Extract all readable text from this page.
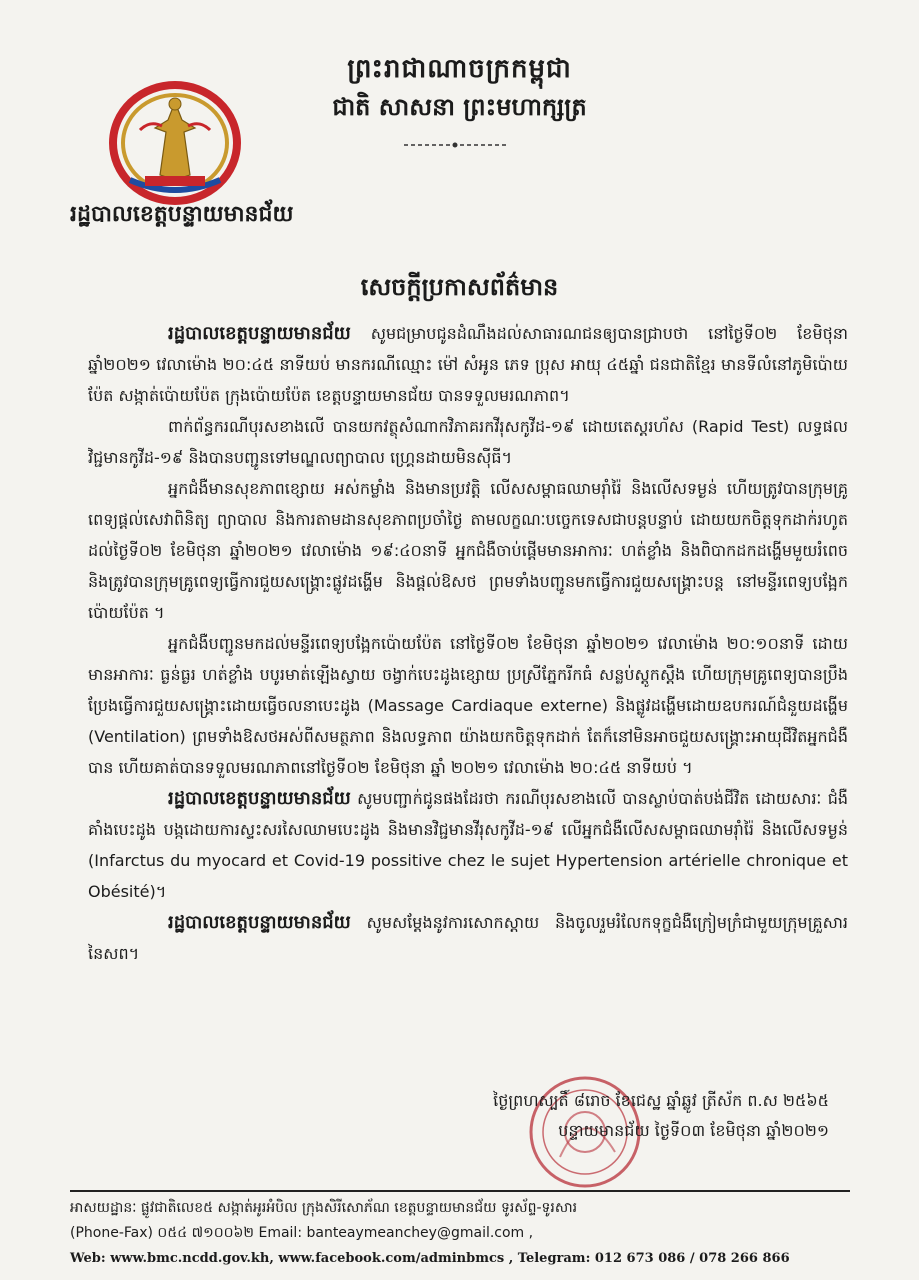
ព្រះរាជាណាចក្រកម្ពុជា
ជាតិ សាសនា ព្រះមហាក្សត្រ
រដ្ឋបាលខេត្តបន្ទាយមានជ័យ
សេចក្តីប្រកាសព័ត៌មាន

រដ្ឋបាលខេត្តបន្ទាយមានជ័យ សូមជម្រាបជូនដំណឹងដល់សាធារណជនឲ្យបានជ្រាបថា នៅថ្ងៃទី០២ ខែមិថុនា ឆ្នាំ២០២១ វេលាម៉ោង ២០:៤៥ នាទីយប់ មានករណីឈ្មោះ ម៉ៅ សំអូន ភេទ ប្រុស អាយុ ៤៥ឆ្នាំ ជនជាតិខ្មែរ មានទីលំនៅភូមិប៉ោយប៉ែត សង្កាត់ប៉ោយប៉ែត ក្រុងប៉ោយប៉ែត ខេត្តបន្ទាយមានជ័យ បានទទួលមរណភាព។

ពាក់ព័ន្ធករណីបុរសខាងលើ បានយកវត្ថុសំណាកវិភាគរកវីរុសកូវីដ-១៩ ដោយតេស្តរហ័ស (Rapid Test) លទ្ធផល វិជ្ជមានកូវីដ-១៩ និងបានបញ្ជូនទៅមណ្ឌលព្យាបាល ហ្គ្រេនដាយមិនស៊ីធី។

អ្នកជំងឺមានសុខភាពខ្សោយ អស់កម្លាំង និងមានប្រវត្តិ លើសសម្ពាធឈាមរ៉ាំរ៉ៃ និងលើសទម្ងន់ ហើយត្រូវបានក្រុមគ្រូពេទ្យផ្តល់សេវាពិនិត្យ ព្យាបាល និងការតាមដានសុខភាពប្រចាំថ្ងៃ តាមលក្ខណៈបច្ចេកទេសជាបន្តបន្ទាប់ ដោយយកចិត្តទុកដាក់រហូតដល់ថ្ងៃទី០២ ខែមិថុនា ឆ្នាំ២០២១ វេលាម៉ោង ១៩:៤០នាទី អ្នកជំងឺចាប់ផ្តើមមានអាការៈ ហត់ខ្លាំង និងពិបាកដកដង្ហើមមួយរំពេច និងត្រូវបានក្រុមគ្រូពេទ្យធ្វើការជួយសង្គ្រោះផ្លូវដង្ហើម និងផ្តល់ឱសថ ព្រមទាំងបញ្ជូនមកធ្វើការជួយសង្គ្រោះបន្ត នៅមន្ទីរពេទ្យបង្អែកប៉ោយប៉ែត ។

អ្នកជំងឺបញ្ជូនមកដល់មន្ទីរពេទ្យបង្អែកប៉ោយប៉ែត នៅថ្ងៃទី០២ ខែមិថុនា ឆ្នាំ២០២១ វេលាម៉ោង ២០:១០នាទី ដោយមានអាការៈ ធ្ងន់ធ្ងរ ហត់ខ្លាំង បបូរមាត់ឡើងស្វាយ ចង្វាក់បេះដូងខ្សោយ ប្រស្រីភ្នែករីកធំ សន្លប់ស្តូកស្តឹង ហើយក្រុមគ្រូពេទ្យបានប្រឹងប្រែងធ្វើការជួយសង្គ្រោះដោយធ្វើចលនាបេះដូង (Massage Cardiaque externe) និងផ្លូវដង្ហើមដោយឧបករណ៍ជំនួយដង្ហើម (Ventilation) ព្រមទាំងឱសថអស់ពីសមត្ថភាព និងលទ្ធភាព យ៉ាងយកចិត្តទុកដាក់ តែក៏នៅមិនអាចជួយសង្គ្រោះអាយុជីវិតអ្នកជំងឺបាន ហើយគាត់បានទទួលមរណភាពនៅថ្ងៃទី០២ ខែមិថុនា ឆ្នាំ ២០២១ វេលាម៉ោង ២០:៤៥ នាទីយប់ ។

រដ្ឋបាលខេត្តបន្ទាយមានជ័យ សូមបញ្ជាក់ជូនផងដែរថា ករណីបុរសខាងលើ បានស្លាប់បាត់បង់ជីវិត ដោយសារៈ ជំងឺគាំងបេះដូង បង្កដោយការស្ទះសរសៃឈាមបេះដូង និងមានវិជ្ជមានវីរុសកូវីដ-១៩ លើអ្នកជំងឺលើសសម្ពាធឈាមរ៉ាំរ៉ៃ និងលើសទម្ងន់ (Infarctus du myocard et Covid-19 possitive chez le sujet Hypertension artérielle chronique et Obésité)។

រដ្ឋបាលខេត្តបន្ទាយមានជ័យ សូមសម្តែងនូវការសោកស្តាយ និងចូលរួមរំលែកទុក្ខជំងឺក្រៀមក្រំជាមួយក្រុមគ្រួសារ នៃសព។

ថ្ងៃព្រហស្បតិ៍ ៨រោច ខែជេស្ឋ ឆ្នាំឆ្លូវ ត្រីស័ក ព.ស ២៥៦៥
បន្ទាយមានជ័យ ថ្ងៃទី០៣ ខែមិថុនា ឆ្នាំ២០២១
អាសយដ្ឋានៈ ផ្លូវជាតិលេខ៥ សង្កាត់អូរអំបិល ក្រុងសិរីសោភ័ណ ខេត្តបន្ទាយមានជ័យ ទូរស័ព្ទ-ទូរសារ
(Phone-Fax) ០៥៤ ៧១០០៦២ Email: banteaymeanchey@gmail.com ,
Web: www.bmc.ncdd.gov.kh, www.facebook.com/adminbmcs , Telegram: 012 673 086 / 078 266 866
